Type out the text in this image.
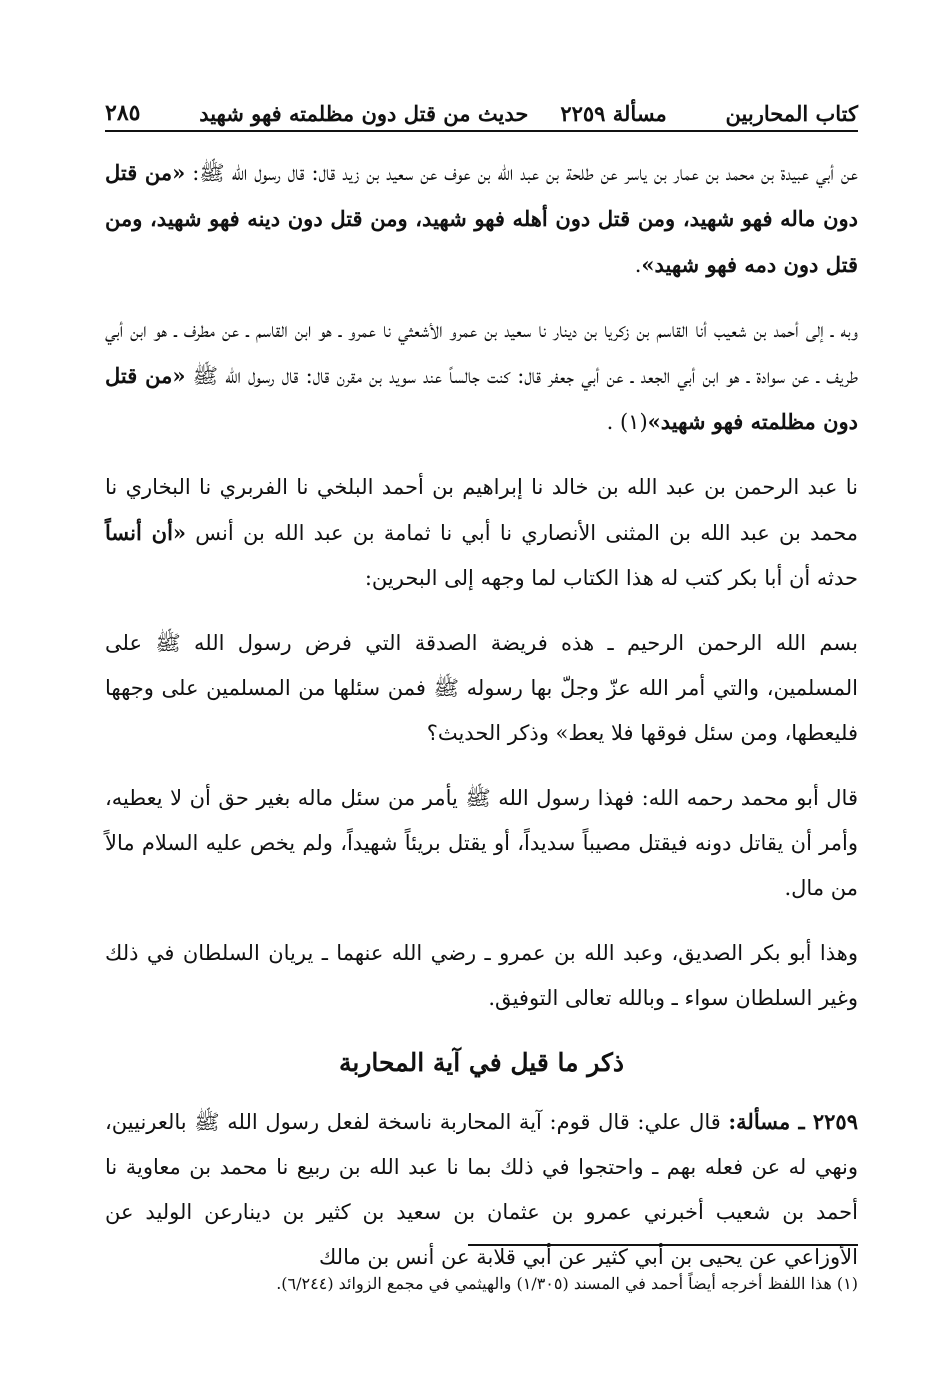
كتاب المحاربين
مسألة ٢٢٥٩
حديث من قتل دون مظلمته فهو شهيد
٢٨٥

عن أبي عبيدة بن محمد بن عمار بن ياسر عن طلحة بن عبد الله بن عوف عن سعيد بن زيد قال: قال رسول الله ﷺ: «من قتل دون ماله فهو شهيد، ومن قتل دون أهله فهو شهيد، ومن قتل دون دينه فهو شهيد، ومن قتل دون دمه فهو شهيد».

وبه ـ إلى أحمد بن شعيب أنا القاسم بن زكريا بن دينار نا سعيد بن عمرو الأشعثي نا عمرو ـ هو ابن القاسم ـ عن مطرف ـ هو ابن أبي طريف ـ عن سوادة ـ هو ابن أبي الجعد ـ عن أبي جعفر قال: كنت جالساً عند سويد بن مقرن قال: قال رسول الله ﷺ «من قتل دون مظلمته فهو شهيد»(١) .

نا عبد الرحمن بن عبد الله بن خالد نا إبراهيم بن أحمد البلخي نا الفربري نا البخاري نا محمد بن عبد الله بن المثنى الأنصاري نا أبي نا ثمامة بن عبد الله بن أنس «أن أنساً حدثه أن أبا بكر كتب له هذا الكتاب لما وجهه إلى البحرين:

بسم الله الرحمن الرحيم ـ هذه فريضة الصدقة التي فرض رسول الله ﷺ على المسلمين، والتي أمر الله عزّ وجلّ بها رسوله ﷺ فمن سئلها من المسلمين على وجهها فليعطها، ومن سئل فوقها فلا يعط» وذكر الحديث؟

قال أبو محمد رحمه الله: فهذا رسول الله ﷺ يأمر من سئل ماله بغير حق أن لا يعطيه، وأمر أن يقاتل دونه فيقتل مصيباً سديداً، أو يقتل بريئاً شهيداً، ولم يخص عليه السلام مالاً من مال.

وهذا أبو بكر الصديق، وعبد الله بن عمرو ـ رضي الله عنهما ـ يريان السلطان في ذلك وغير السلطان سواء ـ وبالله تعالى التوفيق.

ذكر ما قيل في آية المحاربة

٢٢٥٩ ـ مسألة: قال علي: قال قوم: آية المحاربة ناسخة لفعل رسول الله ﷺ بالعرنيين، ونهي له عن فعله بهم ـ واحتجوا في ذلك بما نا عبد الله بن ربيع نا محمد بن معاوية نا أحمد بن شعيب أخبرني عمرو بن عثمان بن سعيد بن كثير بن دينارعن الوليد عن الأوزاعي عن يحيى بن أبي كثير عن أبي قلابة عن أنس بن مالك

(١) هذا اللفظ أخرجه أيضاً أحمد في المسند (١/٣٠٥) والهيثمي في مجمع الزوائد (٦/٢٤٤).
